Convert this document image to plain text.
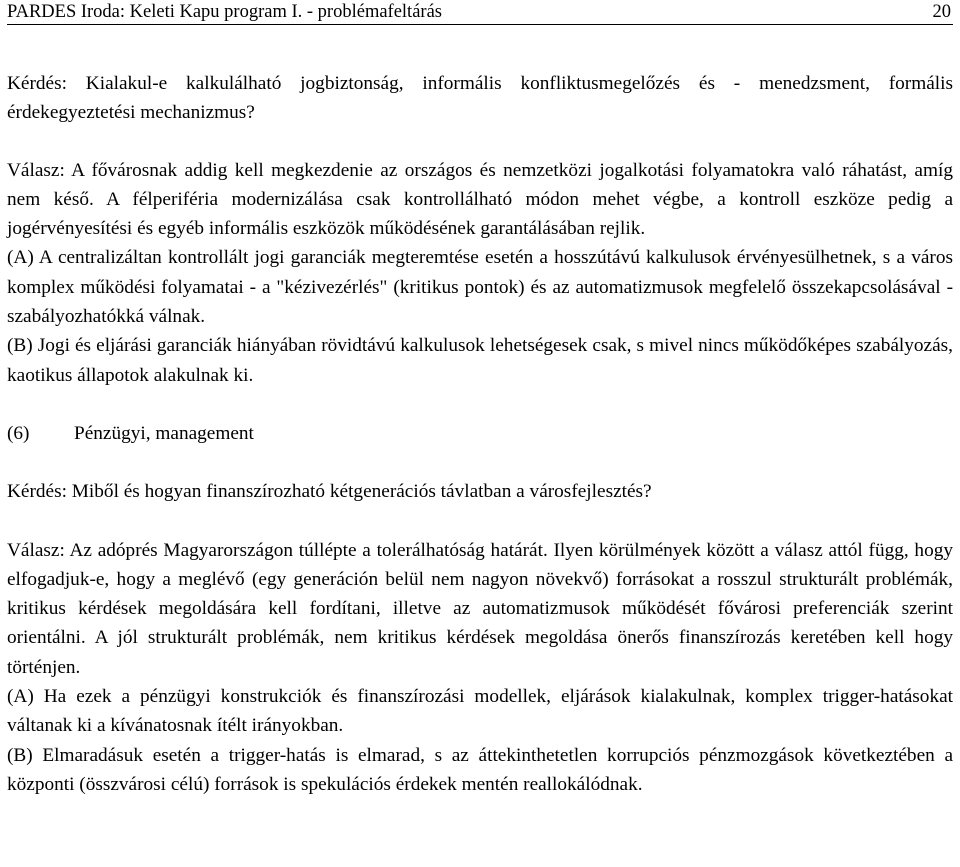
PARDES Iroda: Keleti Kapu program I. - problémafeltárás	20

Kérdés: Kialakul-e kalkulálható jogbiztonság, informális konfliktusmegelőzés és - menedzsment, formális érdekegyeztetési mechanizmus?

Válasz: A fővárosnak addig kell megkezdenie az országos és nemzetközi jogalkotási folyamatokra való ráhatást, amíg nem késő. A félperiféria modernizálása csak kontrollálható módon mehet végbe, a kontroll eszköze pedig a jogérvényesítési és egyéb informális eszközök működésének garantálásában rejlik.

(A) A centralizáltan kontrollált jogi garanciák megteremtése esetén a hosszútávú kalkulusok érvényesülhetnek, s a város komplex működési folyamatai - a "kézivezérlés" (kritikus pontok) és az automatizmusok megfelelő összekapcsolásával - szabályozhatókká válnak.

(B) Jogi és eljárási garanciák hiányában rövidtávú kalkulusok lehetségesek csak, s mivel nincs működőképes szabályozás, kaotikus állapotok alakulnak ki.

(6)	Pénzügyi, management

Kérdés: Miből és hogyan finanszírozható kétgenerációs távlatban a városfejlesztés?

Válasz: Az adóprés Magyarországon túllépte a tolerálhatóság határát. Ilyen körülmények között a válasz attól függ, hogy elfogadjuk-e, hogy a meglévő (egy generáción belül nem nagyon növekvő) forrásokat a rosszul strukturált problémák, kritikus kérdések megoldására kell fordítani, illetve az automatizmusok működését fővárosi preferenciák szerint orientálni. A jól strukturált problémák, nem kritikus kérdések megoldása önerős finanszírozás keretében kell hogy történjen.

(A) Ha ezek a pénzügyi konstrukciók és finanszírozási modellek, eljárások kialakulnak, komplex trigger-hatásokat váltanak ki a kívánatosnak ítélt irányokban.

(B) Elmaradásuk esetén a trigger-hatás is elmarad, s az áttekinthetetlen korrupciós pénzmozgások következtében a központi (összvárosi célú) források is spekulációs érdekek mentén reallokálódnak.
